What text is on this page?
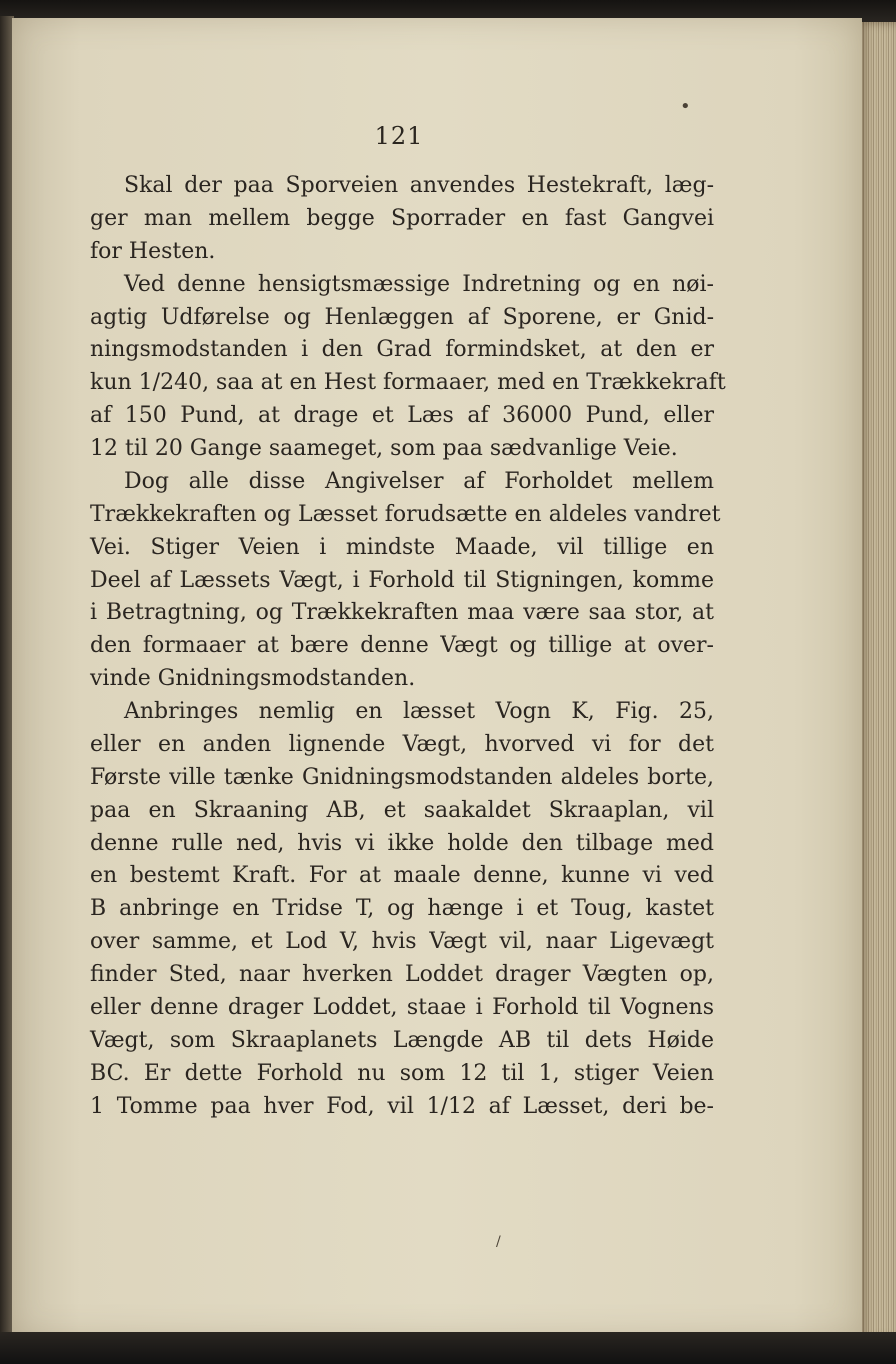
121
•
/
Skal der paa Sporveien anvendes Hestekraft, læg-
ger man mellem begge Sporrader en fast Gangvei
for Hesten.
Ved denne hensigtsmæssige Indretning og en nøi-
agtig Udførelse og Henlæggen af Sporene, er Gnid-
ningsmodstanden i den Grad formindsket, at den er
kun 1/240, saa at en Hest formaaer, med en Trækkekraft
af 150 Pund, at drage et Læs af 36000 Pund, eller
12 til 20 Gange saameget, som paa sædvanlige Veie.
Dog alle disse Angivelser af Forholdet mellem
Trækkekraften og Læsset forudsætte en aldeles vandret
Vei. Stiger Veien i mindste Maade, vil tillige en
Deel af Læssets Vægt, i Forhold til Stigningen, komme
i Betragtning, og Trækkekraften maa være saa stor, at
den formaaer at bære denne Vægt og tillige at over-
vinde Gnidningsmodstanden.
Anbringes nemlig en læsset Vogn K, Fig. 25,
eller en anden lignende Vægt, hvorved vi for det
Første ville tænke Gnidningsmodstanden aldeles borte,
paa en Skraaning AB, et saakaldet Skraaplan, vil
denne rulle ned, hvis vi ikke holde den tilbage med
en bestemt Kraft. For at maale denne, kunne vi ved
B anbringe en Tridse T, og hænge i et Toug, kastet
over samme, et Lod V, hvis Vægt vil, naar Ligevægt
finder Sted, naar hverken Loddet drager Vægten op,
eller denne drager Loddet, staae i Forhold til Vognens
Vægt, som Skraaplanets Længde AB til dets Høide
BC. Er dette Forhold nu som 12 til 1, stiger Veien
1 Tomme paa hver Fod, vil 1/12 af Læsset, deri be-
